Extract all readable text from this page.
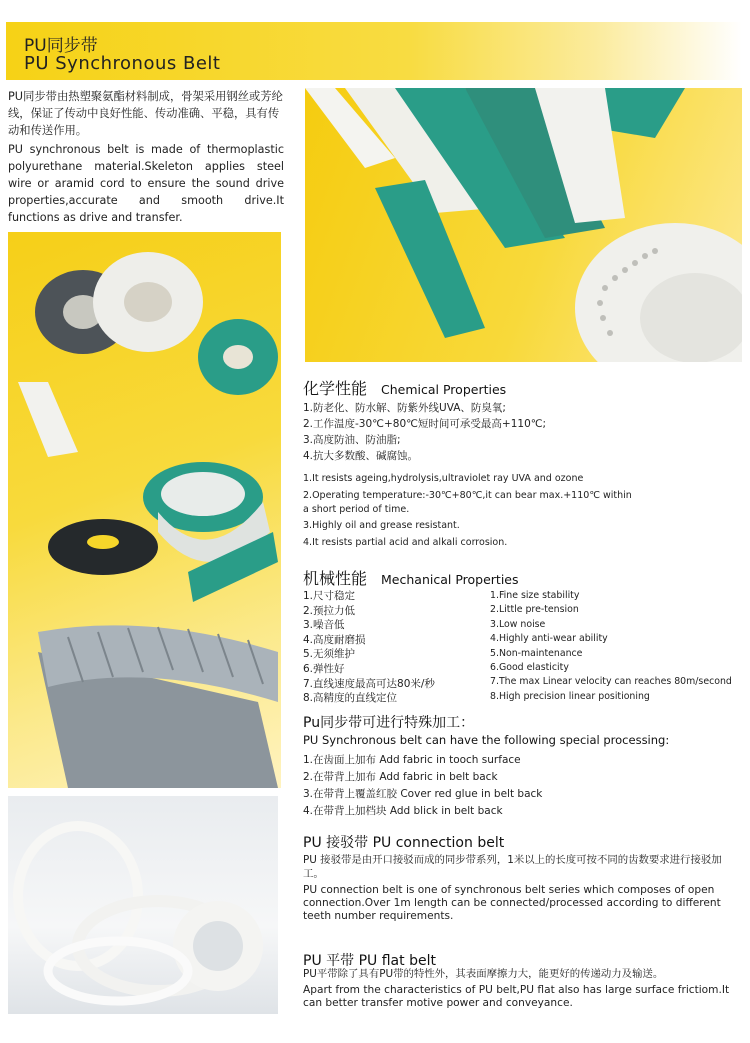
PU同步带
PU Synchronous Belt
PU同步带由热塑聚氨酯材料制成，骨架采用钢丝或芳纶线，保证了传动中良好性能、传动准确、平稳，具有传动和传送作用。
PU synchronous belt is made of thermoplastic polyurethane material.Skeleton applies steel wire or aramid cord to ensure the sound drive properties,accurate and smooth drive.It functions as drive and transfer.
化学性能 Chemical Properties
1.防老化、防水解、防紫外线UVA、防臭氧;
2.工作温度-30℃+80℃短时间可承受最高+110℃;
3.高度防油、防油脂;
4.抗大多数酸、碱腐蚀。
1.It resists ageing,hydrolysis,ultraviolet ray UVA and ozone
2.Operating temperature:-30℃+80℃,it can bear max.+110℃ within
a short period of time.
3.Highly oil and grease resistant.
4.It resists partial acid and alkali corrosion.
机械性能 Mechanical Properties
1.尺寸稳定
2.预拉力低
3.噪音低
4.高度耐磨损
5.无须维护
6.弹性好
7.直线速度最高可达80米/秒
8.高精度的直线定位
1.Fine size stability
2.Little pre-tension
3.Low noise
4.Highly anti-wear ability
5.Non-maintenance
6.Good elasticity
7.The max Linear velocity can reaches 80m/second
8.High precision linear positioning
Pu同步带可进行特殊加工：
PU Synchronous belt can have the following special processing:
1.在齿面上加布 Add fabric in tooch surface
2.在带背上加布 Add fabric in belt back
3.在带背上覆盖红胶 Cover red glue in belt back
4.在带背上加档块 Add blick in belt back
PU 接驳带 PU connection belt
PU 接驳带是由开口接驳而成的同步带系列，1米以上的长度可按不同的齿数要求进行接驳加工。
PU connection belt is one of synchronous belt series which composes of open connection.Over 1m length can be connected/processed according to different teeth number requirements.
PU 平带 PU flat belt
PU平带除了具有PU带的特性外，其表面摩擦力大，能更好的传递动力及输送。
Apart from the characteristics of PU belt,PU flat also has large surface frictiom.It can better transfer motive power and conveyance.
